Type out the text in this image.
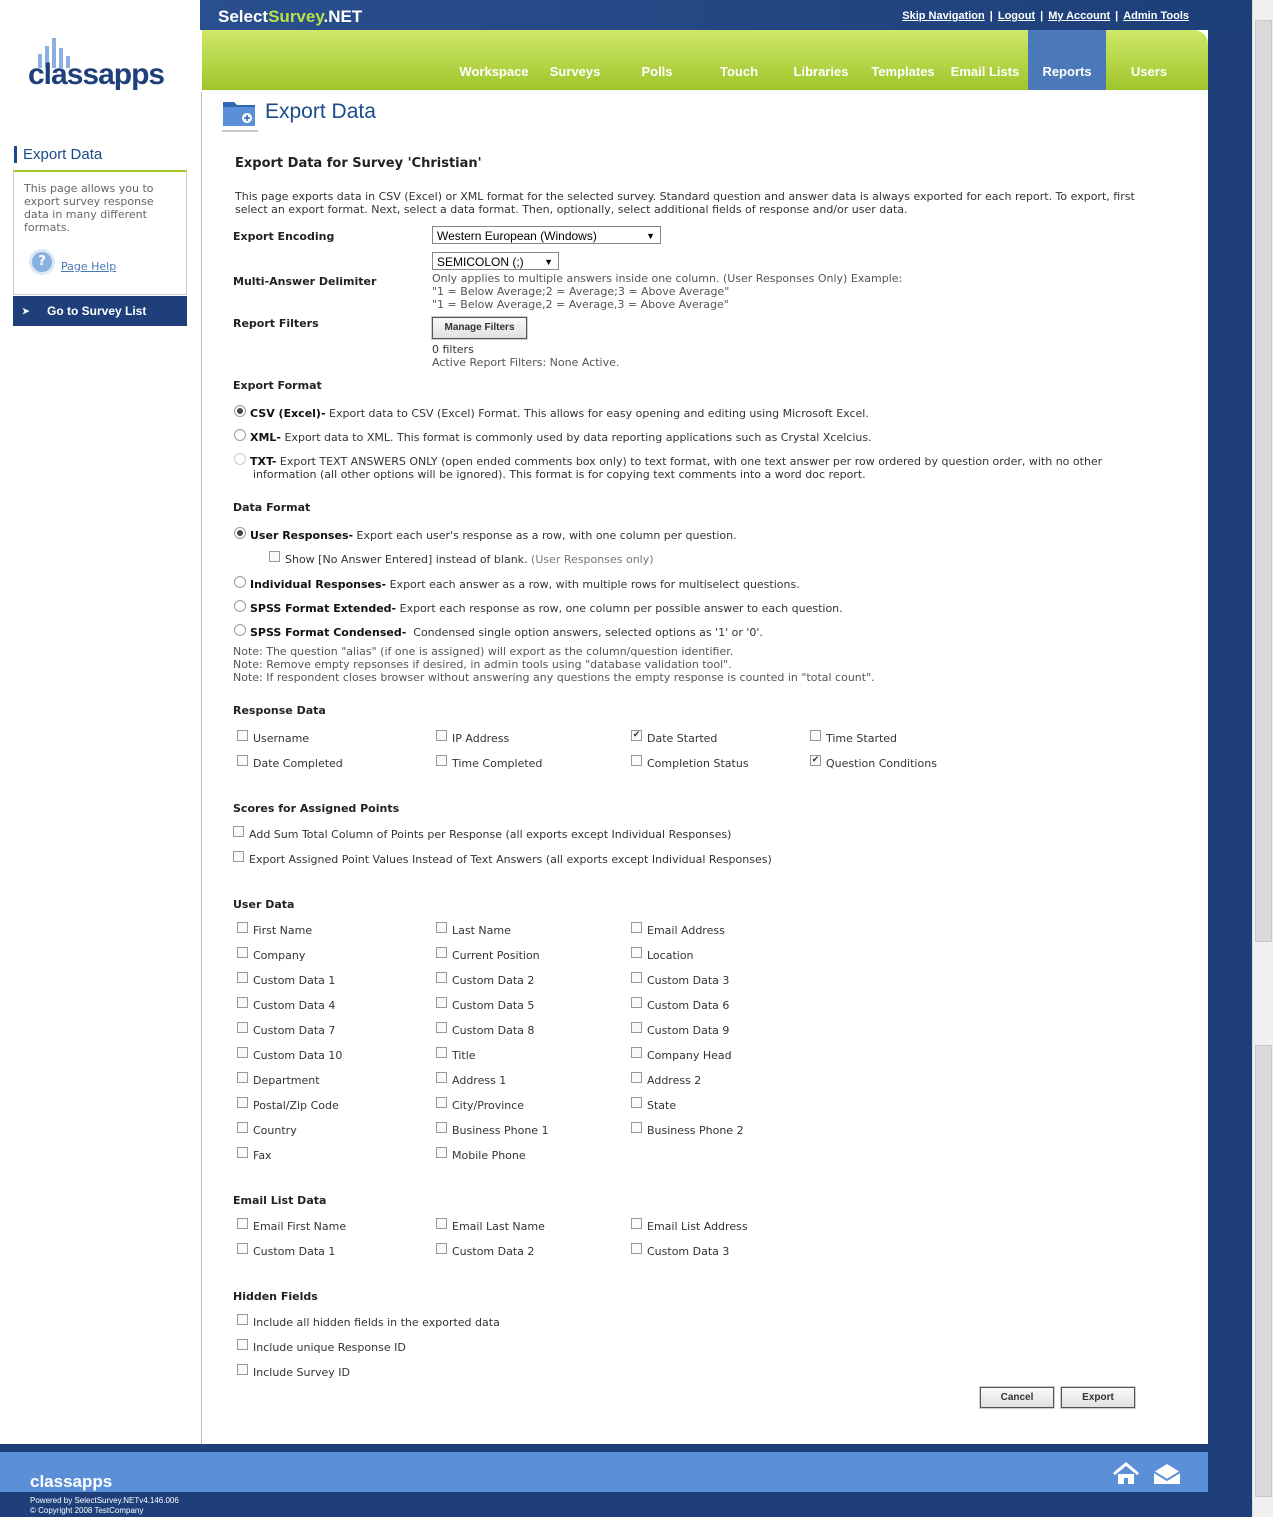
SelectSurvey.NET	Skip Navigation | Logout | My Account | Admin Tools
classapps	Workspace	Surveys	Polls	Touch	Libraries	Templates	Email Lists	Reports	Users
Export Data
This page allows you to export survey response data in many different formats.
?	Page Help
➤ Go to Survey List
Export Data
Export Data for Survey 'Christian'
This page exports data in CSV (Excel) or XML format for the selected survey. Standard question and answer data is always exported for each report. To export, first select an export format. Next, select a data format. Then, optionally, select additional fields of response and/or user data.
Export Encoding	Western European (Windows)	▼
Multi-Answer Delimiter
SEMICOLON (;) ▼
Only applies to multiple answers inside one column. (User Responses Only) Example:
"1 = Below Average;2 = Average;3 = Above Average"
"1 = Below Average,2 = Average,3 = Above Average"
Report Filters	Manage Filters
0 filters
Active Report Filters: None Active.
Export Format
CSV (Excel)- Export data to CSV (Excel) Format. This allows for easy opening and editing using Microsoft Excel.
XML- Export data to XML. This format is commonly used by data reporting applications such as Crystal Xcelcius.
TXT- Export TEXT ANSWERS ONLY (open ended comments box only) to text format, with one text answer per row ordered by question order, with no other
information (all other options will be ignored). This format is for copying text comments into a word doc report.
Data Format
User Responses- Export each user's response as a row, with one column per question.
Show [No Answer Entered] instead of blank. (User Responses only)
Individual Responses- Export each answer as a row, with multiple rows for multiselect questions.
SPSS Format Extended- Export each response as row, one column per possible answer to each question.
SPSS Format Condensed-  Condensed single option answers, selected options as '1' or '0'.
Note: The question "alias" (if one is assigned) will export as the column/question identifier.
Note: Remove empty repsonses if desired, in admin tools using "database validation tool".
Note: If respondent closes browser without answering any questions the empty response is counted in "total count".
Response Data
Username	IP Address	✔ Date Started	Time Started
Date Completed	Time Completed	Completion Status	✔ Question Conditions
Scores for Assigned Points
Add Sum Total Column of Points per Response (all exports except Individual Responses)
Export Assigned Point Values Instead of Text Answers (all exports except Individual Responses)
User Data
First Name	Last Name	Email Address
Company	Current Position	Location
Custom Data 1	Custom Data 2	Custom Data 3
Custom Data 4	Custom Data 5	Custom Data 6
Custom Data 7	Custom Data 8	Custom Data 9
Custom Data 10	Title	Company Head
Department	Address 1	Address 2
Postal/Zip Code	City/Province	State
Country	Business Phone 1	Business Phone 2
Fax	Mobile Phone
Email List Data
Email First Name	Email Last Name	Email List Address
Custom Data 1	Custom Data 2	Custom Data 3
Hidden Fields
Include all hidden fields in the exported data
Include unique Response ID
Include Survey ID
Cancel	Export
classapps
Powered by SelectSurvey.NETv4.146.006
© Copyright 2008 TestCompany
